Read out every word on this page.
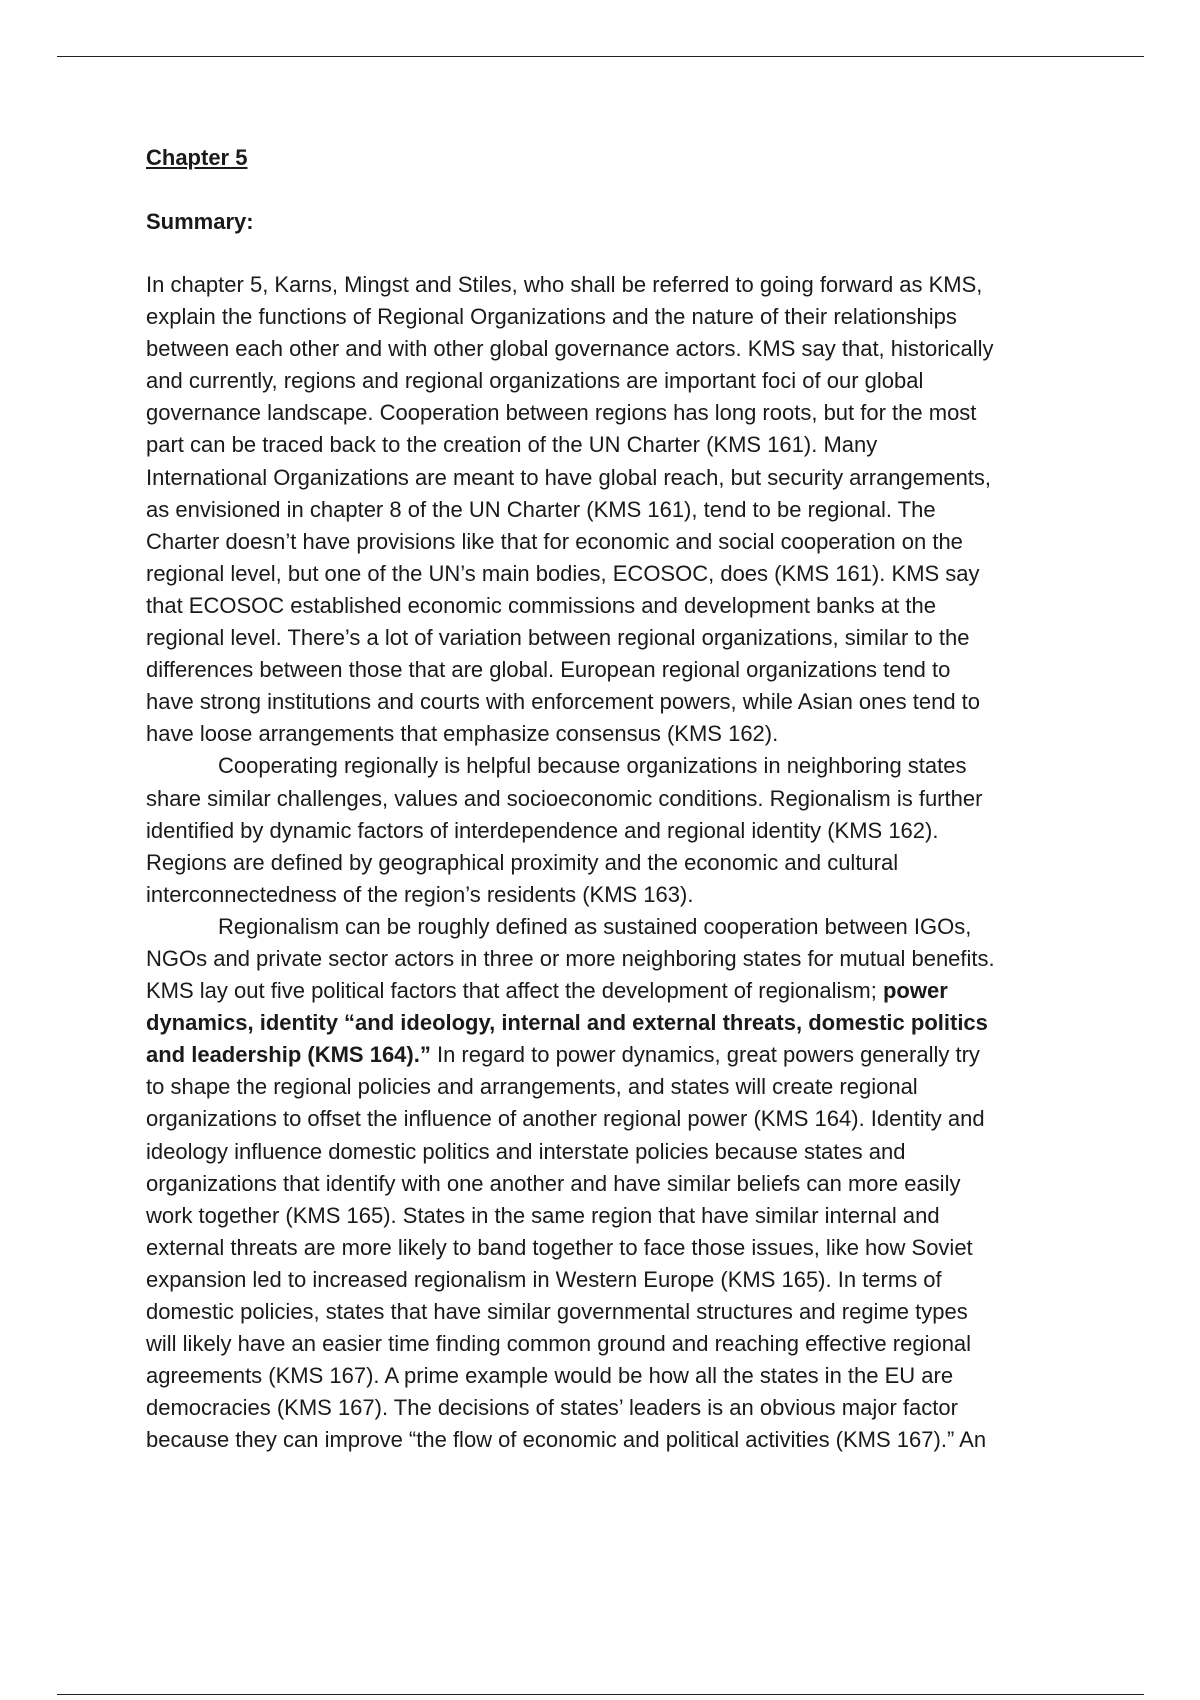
Chapter 5
Summary:
In chapter 5, Karns, Mingst and Stiles, who shall be referred to going forward as KMS,
explain the functions of Regional Organizations and the nature of their relationships
between each other and with other global governance actors. KMS say that, historically
and currently, regions and regional organizations are important foci of our global
governance landscape. Cooperation between regions has long roots, but for the most
part can be traced back to the creation of the UN Charter (KMS 161). Many
International Organizations are meant to have global reach, but security arrangements,
as envisioned in chapter 8 of the UN Charter (KMS 161), tend to be regional. The
Charter doesn’t have provisions like that for economic and social cooperation on the
regional level, but one of the UN’s main bodies, ECOSOC, does (KMS 161). KMS say
that ECOSOC established economic commissions and development banks at the
regional level. There’s a lot of variation between regional organizations, similar to the
differences between those that are global. European regional organizations tend to
have strong institutions and courts with enforcement powers, while Asian ones tend to
have loose arrangements that emphasize consensus (KMS 162).
Cooperating regionally is helpful because organizations in neighboring states
share similar challenges, values and socioeconomic conditions. Regionalism is further
identified by dynamic factors of interdependence and regional identity (KMS 162).
Regions are defined by geographical proximity and the economic and cultural
interconnectedness of the region’s residents (KMS 163).
Regionalism can be roughly defined as sustained cooperation between IGOs,
NGOs and private sector actors in three or more neighboring states for mutual benefits.
KMS lay out five political factors that affect the development of regionalism; power
dynamics, identity “and ideology, internal and external threats, domestic politics
and leadership (KMS 164).” In regard to power dynamics, great powers generally try
to shape the regional policies and arrangements, and states will create regional
organizations to offset the influence of another regional power (KMS 164). Identity and
ideology influence domestic politics and interstate policies because states and
organizations that identify with one another and have similar beliefs can more easily
work together (KMS 165). States in the same region that have similar internal and
external threats are more likely to band together to face those issues, like how Soviet
expansion led to increased regionalism in Western Europe (KMS 165). In terms of
domestic policies, states that have similar governmental structures and regime types
will likely have an easier time finding common ground and reaching effective regional
agreements (KMS 167). A prime example would be how all the states in the EU are
democracies (KMS 167). The decisions of states’ leaders is an obvious major factor
because they can improve “the flow of economic and political activities (KMS 167).” An
